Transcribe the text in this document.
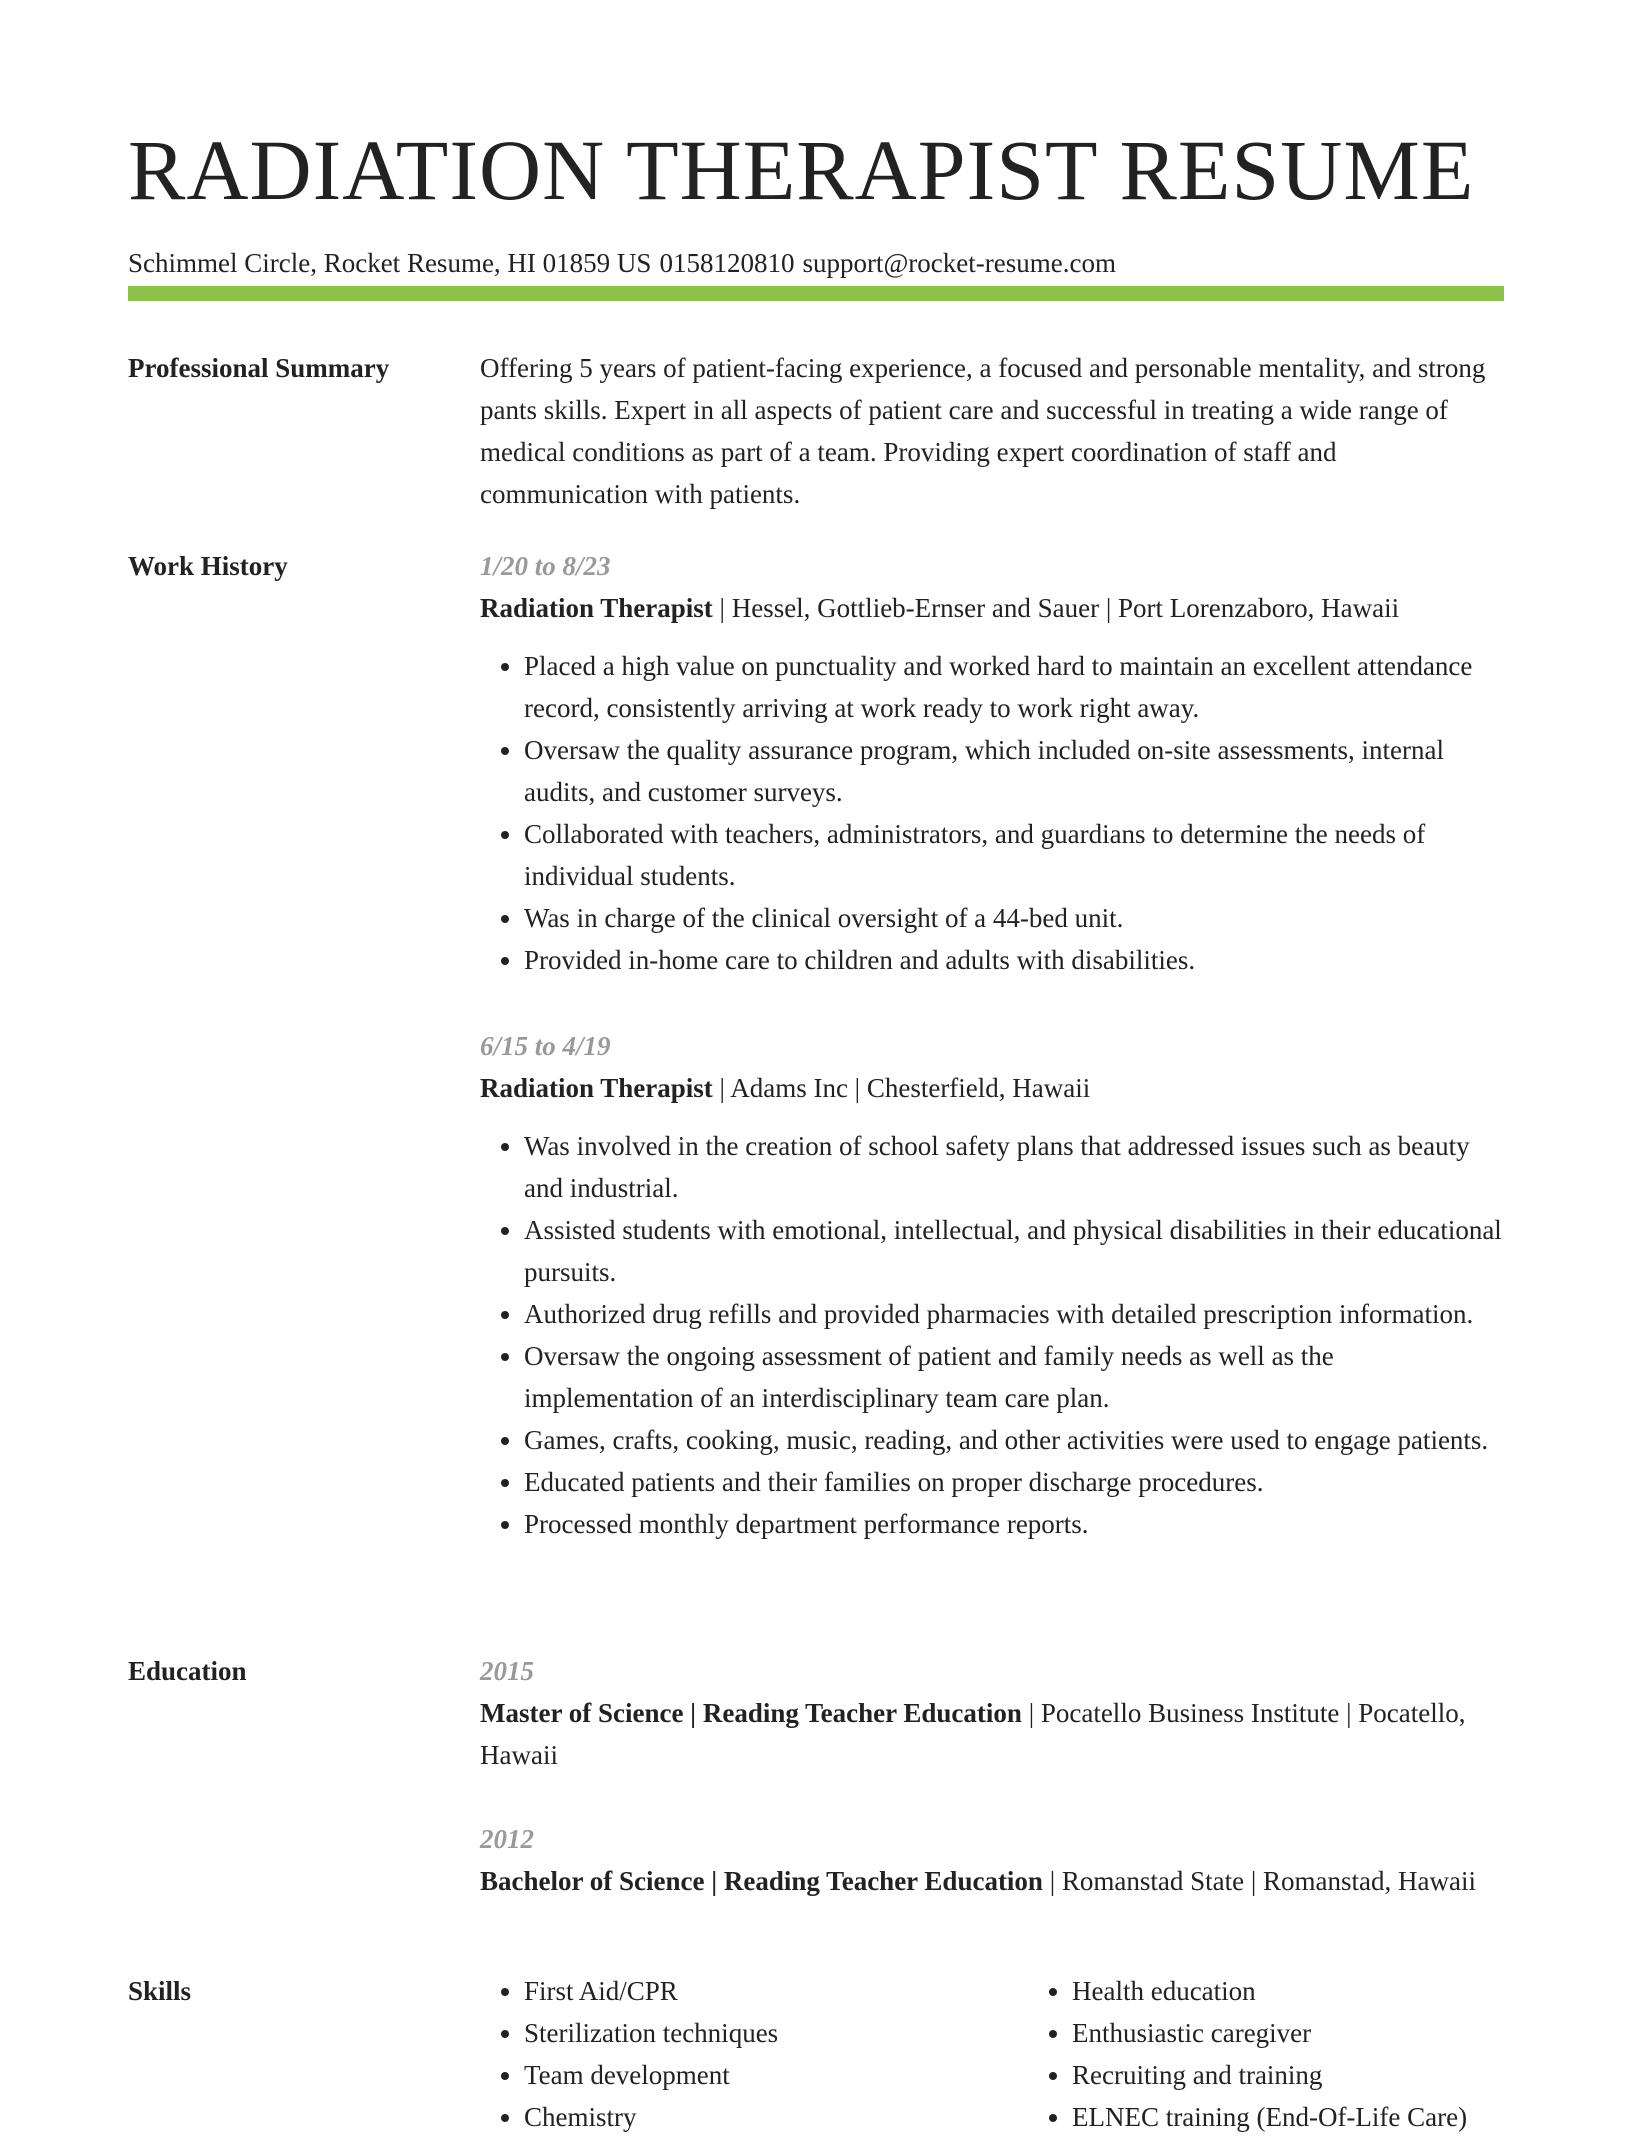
RADIATION THERAPIST RESUME
Schimmel Circle, Rocket Resume, HI 01859 US 0158120810 support@rocket-resume.com
Professional Summary	Offering 5 years of patient-facing experience, a focused and personable mentality, and strong pants skills. Expert in all aspects of patient care and successful in treating a wide range of medical conditions as part of a team. Providing expert coordination of staff and communication with patients.

Work History	1/20 to 8/23
Radiation Therapist | Hessel, Gottlieb-Ernser and Sauer | Port Lorenzaboro, Hawaii
• Placed a high value on punctuality and worked hard to maintain an excellent attendance record, consistently arriving at work ready to work right away.
• Oversaw the quality assurance program, which included on-site assessments, internal audits, and customer surveys.
• Collaborated with teachers, administrators, and guardians to determine the needs of individual students.
• Was in charge of the clinical oversight of a 44-bed unit.
• Provided in-home care to children and adults with disabilities.
6/15 to 4/19
Radiation Therapist | Adams Inc | Chesterfield, Hawaii
• Was involved in the creation of school safety plans that addressed issues such as beauty and industrial.
• Assisted students with emotional, intellectual, and physical disabilities in their educational pursuits.
• Authorized drug refills and provided pharmacies with detailed prescription information.
• Oversaw the ongoing assessment of patient and family needs as well as the implementation of an interdisciplinary team care plan.
• Games, crafts, cooking, music, reading, and other activities were used to engage patients.
• Educated patients and their families on proper discharge procedures.
• Processed monthly department performance reports.
Education	2015
Master of Science | Reading Teacher Education | Pocatello Business Institute | Pocatello, Hawaii
2012
Bachelor of Science | Reading Teacher Education | Romanstad State | Romanstad, Hawaii
Skills
•	First Aid/CPR
• Sterilization techniques
• Team development
• Chemistry
• Health education
• Enthusiastic caregiver
• Recruiting and training
• ELNEC training (End-Of-Life Care)
